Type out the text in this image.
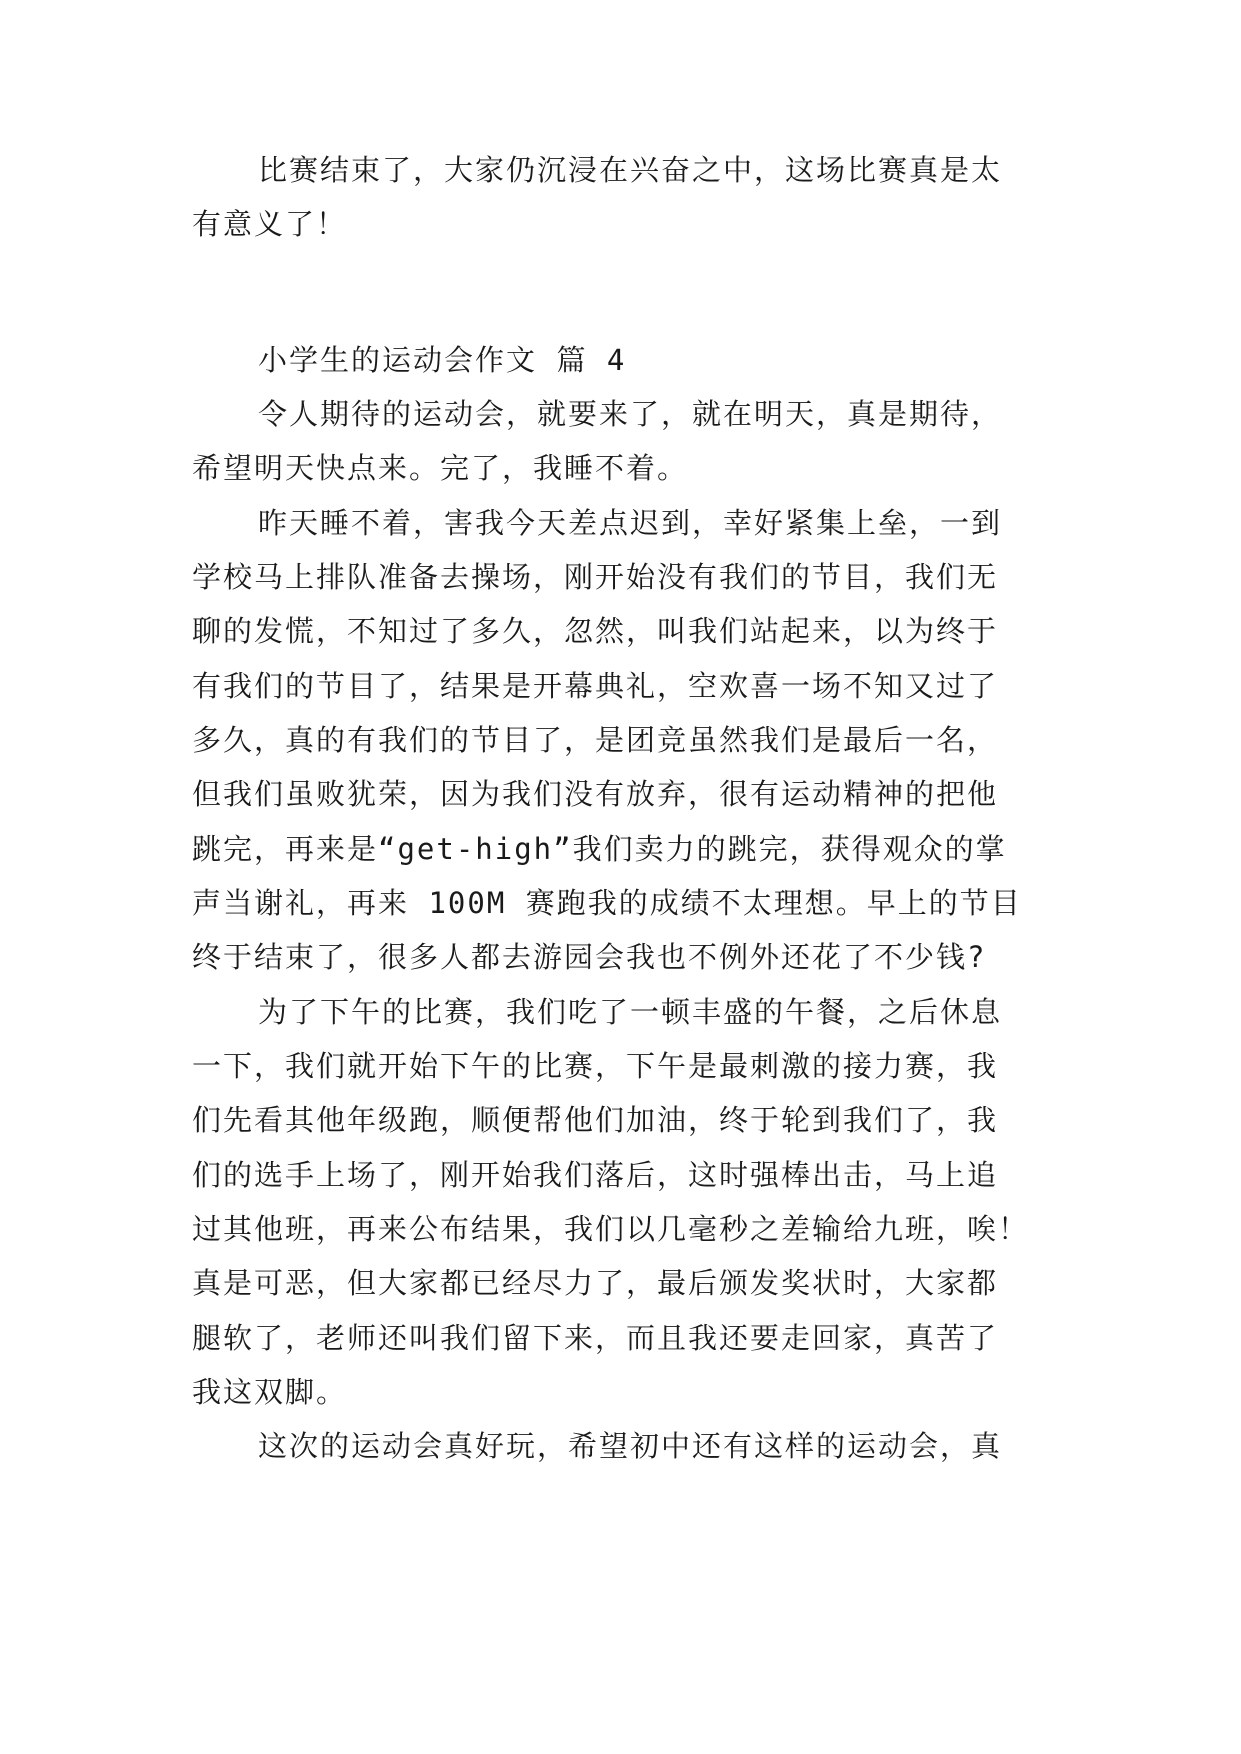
比赛结束了，大家仍沉浸在兴奋之中，这场比赛真是太
有意义了！
小学生的运动会作文 篇 4
令人期待的运动会，就要来了，就在明天，真是期待，
希望明天快点来。完了，我睡不着。
昨天睡不着，害我今天差点迟到，幸好紧集上垒，一到
学校马上排队准备去操场，刚开始没有我们的节目，我们无
聊的发慌，不知过了多久，忽然，叫我们站起来，以为终于
有我们的节目了，结果是开幕典礼，空欢喜一场不知又过了
多久，真的有我们的节目了，是团竞虽然我们是最后一名，
但我们虽败犹荣，因为我们没有放弃，很有运动精神的把他
跳完，再来是“get-high”我们卖力的跳完，获得观众的掌
声当谢礼，再来 100M 赛跑我的成绩不太理想。早上的节目
终于结束了，很多人都去游园会我也不例外还花了不少钱?
为了下午的比赛，我们吃了一顿丰盛的午餐，之后休息
一下，我们就开始下午的比赛，下午是最刺激的接力赛，我
们先看其他年级跑，顺便帮他们加油，终于轮到我们了，我
们的选手上场了，刚开始我们落后，这时强棒出击，马上追
过其他班，再来公布结果，我们以几毫秒之差输给九班，唉！
真是可恶，但大家都已经尽力了，最后颁发奖状时，大家都
腿软了，老师还叫我们留下来，而且我还要走回家，真苦了
我这双脚。
这次的运动会真好玩，希望初中还有这样的运动会，真
